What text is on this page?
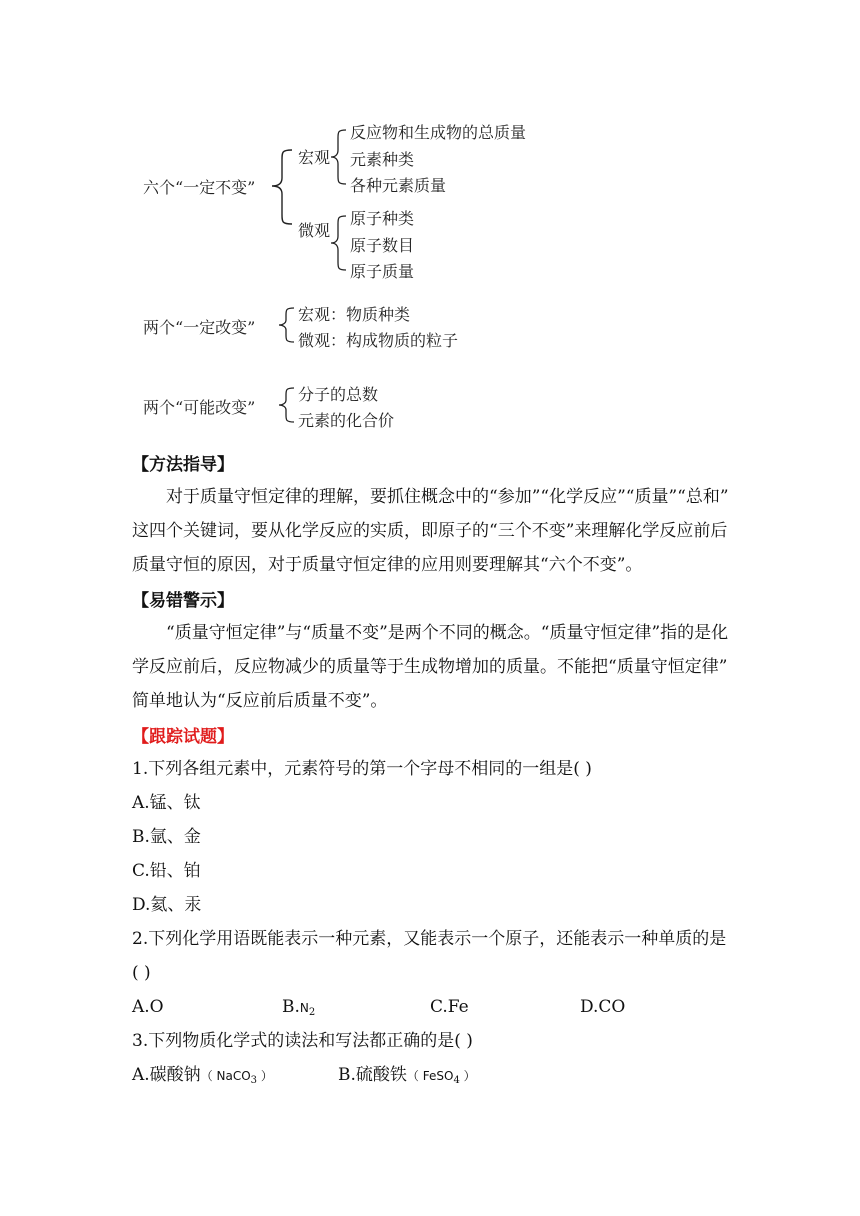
六个“一定不变”
宏观
反应物和生成物的总质量
元素种类
各种元素质量
微观
原子种类
原子数目
原子质量
两个“一定改变”
宏观：物质种类
微观：构成物质的粒子
两个“可能改变”
分子的总数
元素的化合价
【方法指导】
对于质量守恒定律的理解，要抓住概念中的“参加”“化学反应”“质量”“总和”
这四个关键词，要从化学反应的实质，即原子的“三个不变”来理解化学反应前后
质量守恒的原因，对于质量守恒定律的应用则要理解其“六个不变”。
【易错警示】
“质量守恒定律”与“质量不变”是两个不同的概念。“质量守恒定律”指的是化
学反应前后，反应物减少的质量等于生成物增加的质量。不能把“质量守恒定律”
简单地认为“反应前后质量不变”。
【跟踪试题】
1.下列各组元素中，元素符号的第一个字母不相同的一组是( )
A.锰、钛
B.氩、金
C.铅、铂
D.氦、汞
2.下列化学用语既能表示一种元素，又能表示一个原子，还能表示一种单质的是
( )
A.O	$B.N_2$	C.Fe	D.CO
3.下列物质化学式的读法和写法都正确的是( )
A.碳酸钠（ NaCO$_3$ ）	B.硫酸铁（ FeSO$_4$ ）
